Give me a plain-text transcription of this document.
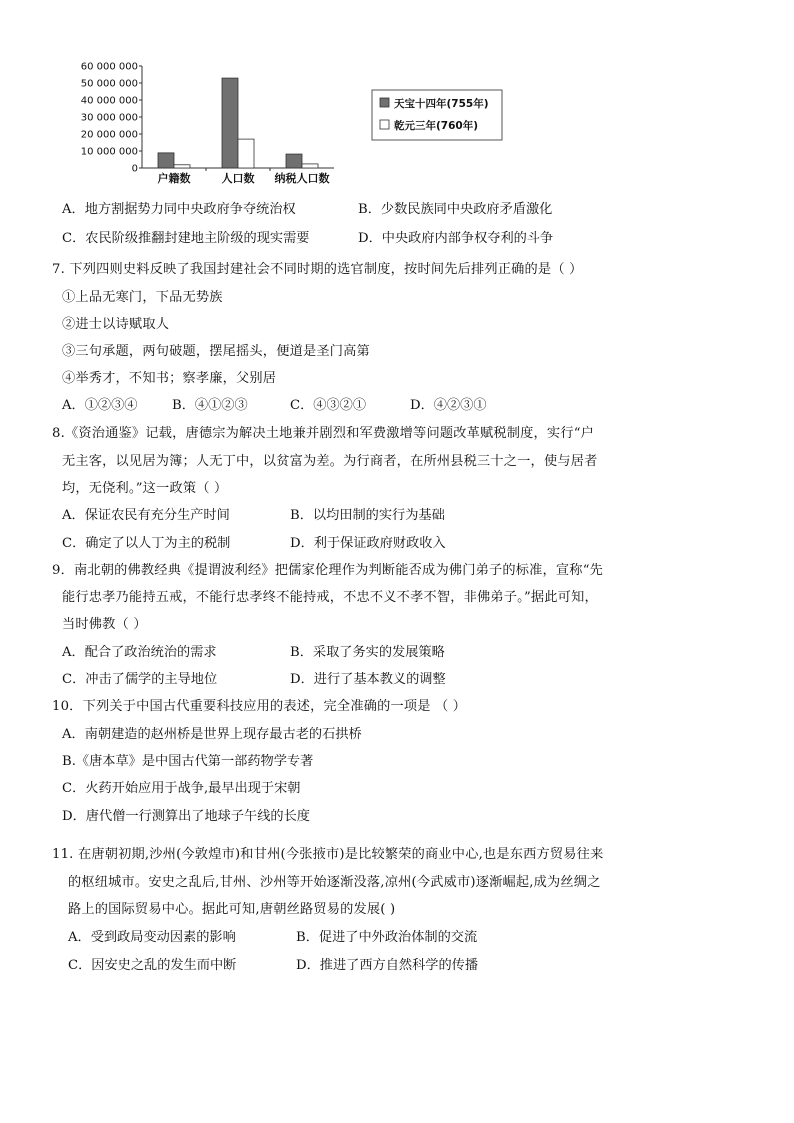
60 000 000
50 000 000
40 000 000
30 000 000
20 000 000
10 000 000
0
户籍数	人口数 纳税人口数
天宝十四年(755年)
乾元三年(760年)
A．地方割据势力同中央政府争夺统治权	B．少数民族同中央政府矛盾激化
C．农民阶级推翻封建地主阶级的现实需要	D．中央政府内部争权夺利的斗争
7. 下列四则史料反映了我国封建社会不同时期的选官制度，按时间先后排列正确的是（ ）
①上品无寒门，下品无势族
②进士以诗赋取人
③三句承题，两句破题，摆尾摇头，便道是圣门高第
④举秀才，不知书；察孝廉，父别居
A．①②③④	B．④①②③	C．④③②①	D．④②③①
8.《资治通鉴》记载，唐德宗为解决土地兼并剧烈和军费激增等问题改革赋税制度，实行“户
无主客，以见居为簿；人无丁中，以贫富为差。为行商者，在所州县税三十之一，使与居者
均，无侥利。”这一政策（ ）
A．保证农民有充分生产时间	B．以均田制的实行为基础
C．确定了以人丁为主的税制	D．利于保证政府财政收入
9．南北朝的佛教经典《提谓波利经》把儒家伦理作为判断能否成为佛门弟子的标准，宣称“先
能行忠孝乃能持五戒，不能行忠孝终不能持戒，不忠不义不孝不智，非佛弟子。”据此可知，
当时佛教（ ）
A．配合了政治统治的需求	B．采取了务实的发展策略
C．冲击了儒学的主导地位	D．进行了基本教义的调整
10．下列关于中国古代重要科技应用的表述，完全准确的一项是 （ ）
A．南朝建造的赵州桥是世界上现存最古老的石拱桥
B.《唐本草》是中国古代第一部药物学专著
C．火药开始应用于战争,最早出现于宋朝
D．唐代僧一行测算出了地球子午线的长度
11. 在唐朝初期,沙州(今敦煌市)和甘州(今张掖市)是比较繁荣的商业中心,也是东西方贸易往来
的枢纽城市。安史之乱后,甘州、沙州等开始逐渐没落,凉州(今武威市)逐渐崛起,成为丝绸之
路上的国际贸易中心。据此可知,唐朝丝路贸易的发展( )
A．受到政局变动因素的影响	B．促进了中外政治体制的交流
C．因安史之乱的发生而中断	D．推进了西方自然科学的传播
